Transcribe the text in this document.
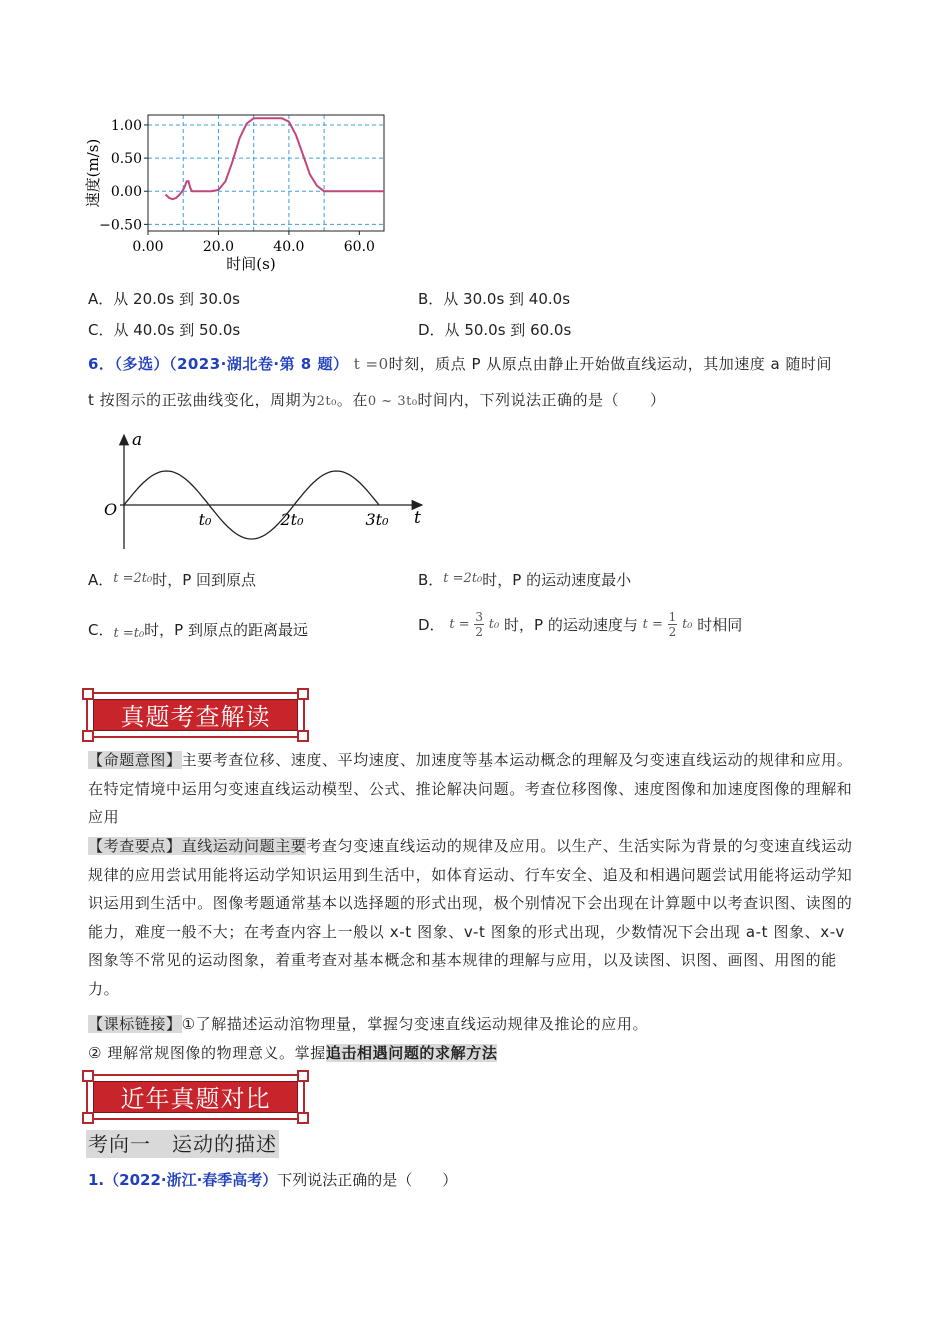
1.00
0.50
0.00
−0.50
0.00	20.0	40.0	60.0
速度(m/s)
时间(s)
A．从 20.0s 到 30.0s	B．从 30.0s 到 40.0s
C．从 40.0s 到 50.0s	D．从 50.0s 到 60.0s
6．（多选）（2023·湖北卷·第 8 题） t =0时刻，质点 P 从原点由静止开始做直线运动，其加速度 a 随时间
t 按图示的正弦曲线变化，周期为2t₀。在0 ~ 3t₀时间内，下列说法正确的是（　　）
a
t
O
t₀	2t₀	3t₀
A．t =2t₀时，P 回到原点	B．t =2t₀时，P 的运动速度最小
C．t =t₀时，P 到原点的距离最远	D． $t = \frac{3}{2} t_0$ 时，P 的运动速度与 $t = \frac{1}{2} t_0$ 时相同
真题考查解读
【命题意图】主要考查位移、速度、平均速度、加速度等基本运动概念的理解及匀变速直线运动的规律和应用。在特定情境中运用匀变速直线运动模型、公式、推论解决问题。考查位移图像、速度图像和加速度图像的理解和应用
【考查要点】直线运动问题主要考查匀变速直线运动的规律及应用。以生产、生活实际为背景的匀变速直线运动规律的应用尝试用能将运动学知识运用到生活中，如体育运动、行车安全、追及和相遇问题尝试用能将运动学知识运用到生活中。图像考题通常基本以选择题的形式出现，极个别情况下会出现在计算题中以考查识图、读图的能力，难度一般不大；在考查内容上一般以 x-t 图象、v-t 图象的形式出现，少数情况下会出现 a-t 图象、x-v 图象等不常见的运动图象，着重考查对基本概念和基本规律的理解与应用，以及读图、识图、画图、用图的能力。
【课标链接】①了解描述运动涫物理量，掌握匀变速直线运动规律及推论的应用。
② 理解常规图像的物理意义。掌握追击相遇问题的求解方法
近年真题对比
考向一　运动的描述
1.（2022·浙江·春季高考）下列说法正确的是（　　）
